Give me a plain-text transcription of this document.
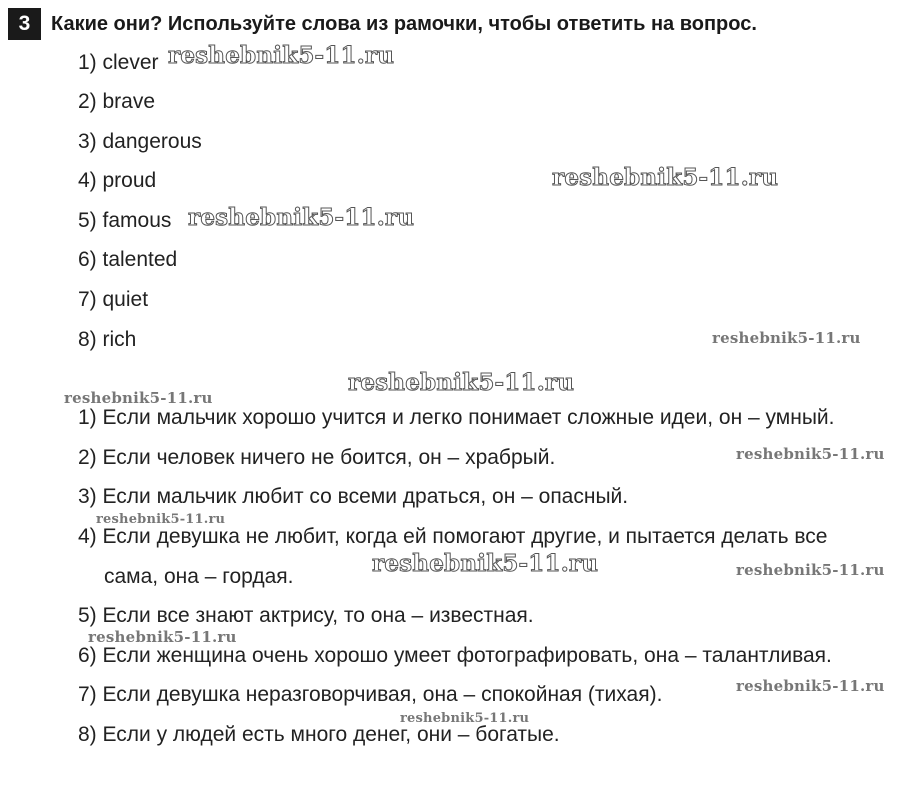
3	Какие они? Используйте слова из рамочки, чтобы ответить на вопрос.
1) clever
2) brave
3) dangerous
4) proud
5) famous
6) talented
7) quiet
8) rich
1) Если мальчик хорошо учится и легко понимает сложные идеи, он – умный.
2) Если человек ничего не боится, он – храбрый.
3) Если мальчик любит со всеми драться, он – опасный.
4) Если девушка не любит, когда ей помогают другие, и пытается делать все
сама, она – гордая.
5) Если все знают актрису, то она – известная.
6) Если женщина очень хорошо умеет фотографировать, она – талантливая.
7) Если девушка неразговорчивая, она – спокойная (тихая).
8) Если у людей есть много денег, они – богатые.
reshebnik5-11.ru
reshebnik5-11.ru
reshebnik5-11.ru
reshebnik5-11.ru
reshebnik5-11.ru
reshebnik5-11.ru
reshebnik5-11.ru
reshebnik5-11.ru
reshebnik5-11.ru	reshebnik5-11.ru
reshebnik5-11.ru
reshebnik5-11.ru
reshebnik5-11.ru
